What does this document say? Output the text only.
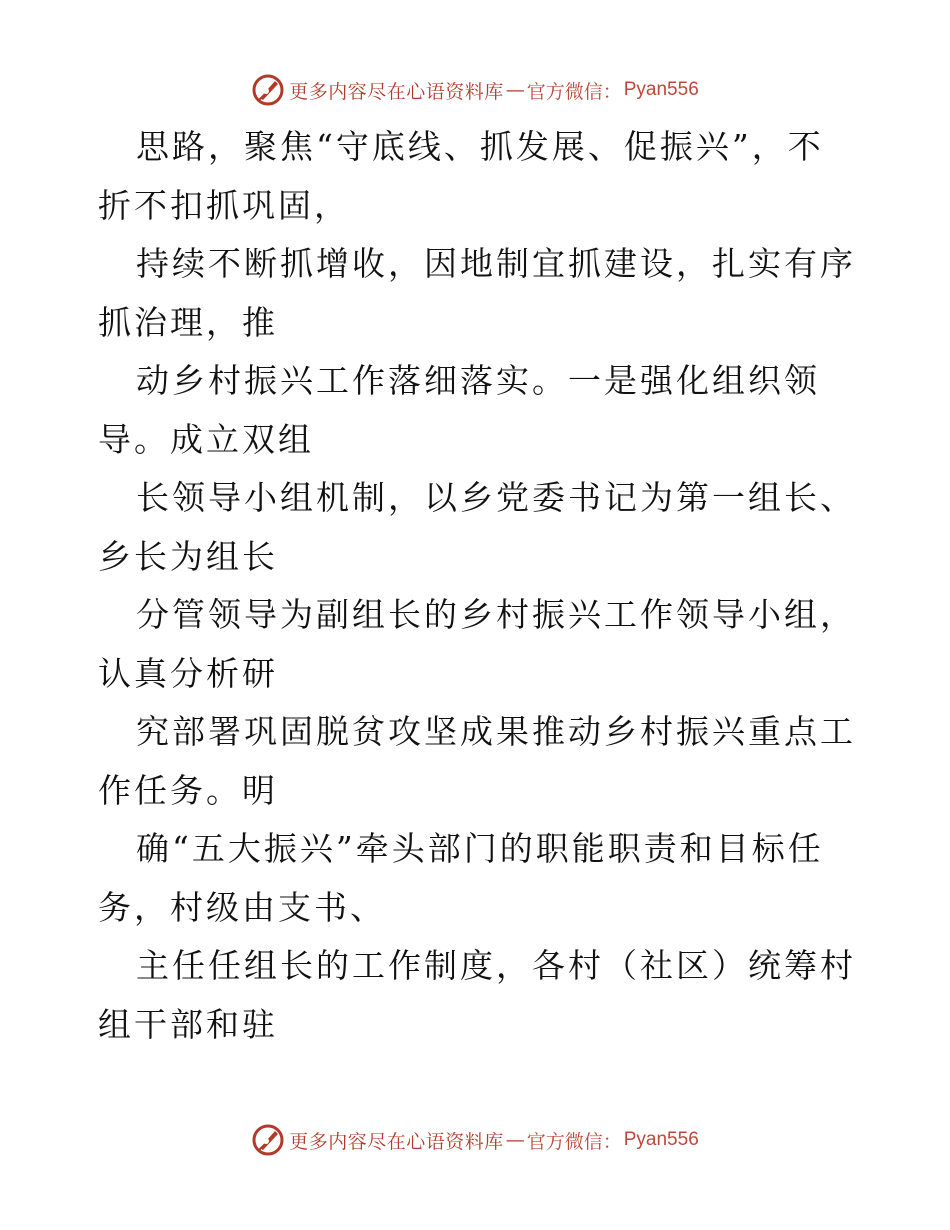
更多内容尽在心语资料库 — 官方微信： Pyan556

思路，聚焦“守底线、抓发展、促振兴”，不折不扣抓巩固，

持续不断抓增收，因地制宜抓建设，扎实有序抓治理，推

动乡村振兴工作落细落实。一是强化组织领导。成立双组

长领导小组机制，以乡党委书记为第一组长、乡长为组长

分管领导为副组长的乡村振兴工作领导小组，认真分析研

究部署巩固脱贫攻坚成果推动乡村振兴重点工作任务。明

确“五大振兴”牵头部门的职能职责和目标任务，村级由支书、

主任任组长的工作制度，各村（社区）统筹村组干部和驻

更多内容尽在心语资料库 — 官方微信： Pyan556
